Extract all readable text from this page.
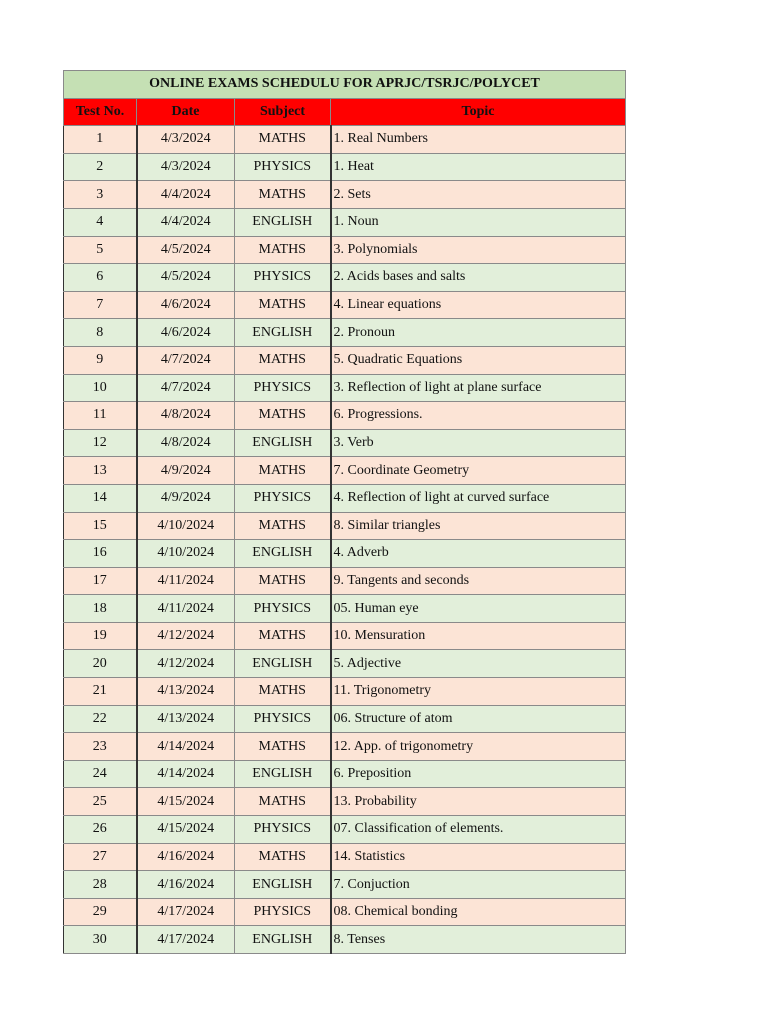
ONLINE EXAMS SCHEDULU FOR APRJC/TSRJC/POLYCET			
Test No.	Date	Subject	Topic
1	4/3/2024	MATHS	1. Real Numbers
2	4/3/2024	PHYSICS	1. Heat
3	4/4/2024	MATHS	2. Sets
4	4/4/2024	ENGLISH	1. Noun
5	4/5/2024	MATHS	3. Polynomials
6	4/5/2024	PHYSICS	2. Acids bases and salts
7	4/6/2024	MATHS	4. Linear equations
8	4/6/2024	ENGLISH	2. Pronoun
9	4/7/2024	MATHS	5. Quadratic Equations
10	4/7/2024	PHYSICS	3. Reflection of light at plane surface
11	4/8/2024	MATHS	6. Progressions.
12	4/8/2024	ENGLISH	3. Verb
13	4/9/2024	MATHS	7. Coordinate Geometry
14	4/9/2024	PHYSICS	4. Reflection of light at curved surface
15	4/10/2024	MATHS	8. Similar triangles
16	4/10/2024	ENGLISH	4. Adverb
17	4/11/2024	MATHS	9. Tangents and seconds
18	4/11/2024	PHYSICS	05. Human eye
19	4/12/2024	MATHS	10. Mensuration
20	4/12/2024	ENGLISH	5. Adjective
21	4/13/2024	MATHS	11. Trigonometry
22	4/13/2024	PHYSICS	06. Structure of atom
23	4/14/2024	MATHS	12. App. of trigonometry
24	4/14/2024	ENGLISH	6. Preposition
25	4/15/2024	MATHS	13. Probability
26	4/15/2024	PHYSICS	07. Classification of elements.
27	4/16/2024	MATHS	14. Statistics
28	4/16/2024	ENGLISH	7. Conjuction
29	4/17/2024	PHYSICS	08. Chemical bonding
30	4/17/2024	ENGLISH	8. Tenses
